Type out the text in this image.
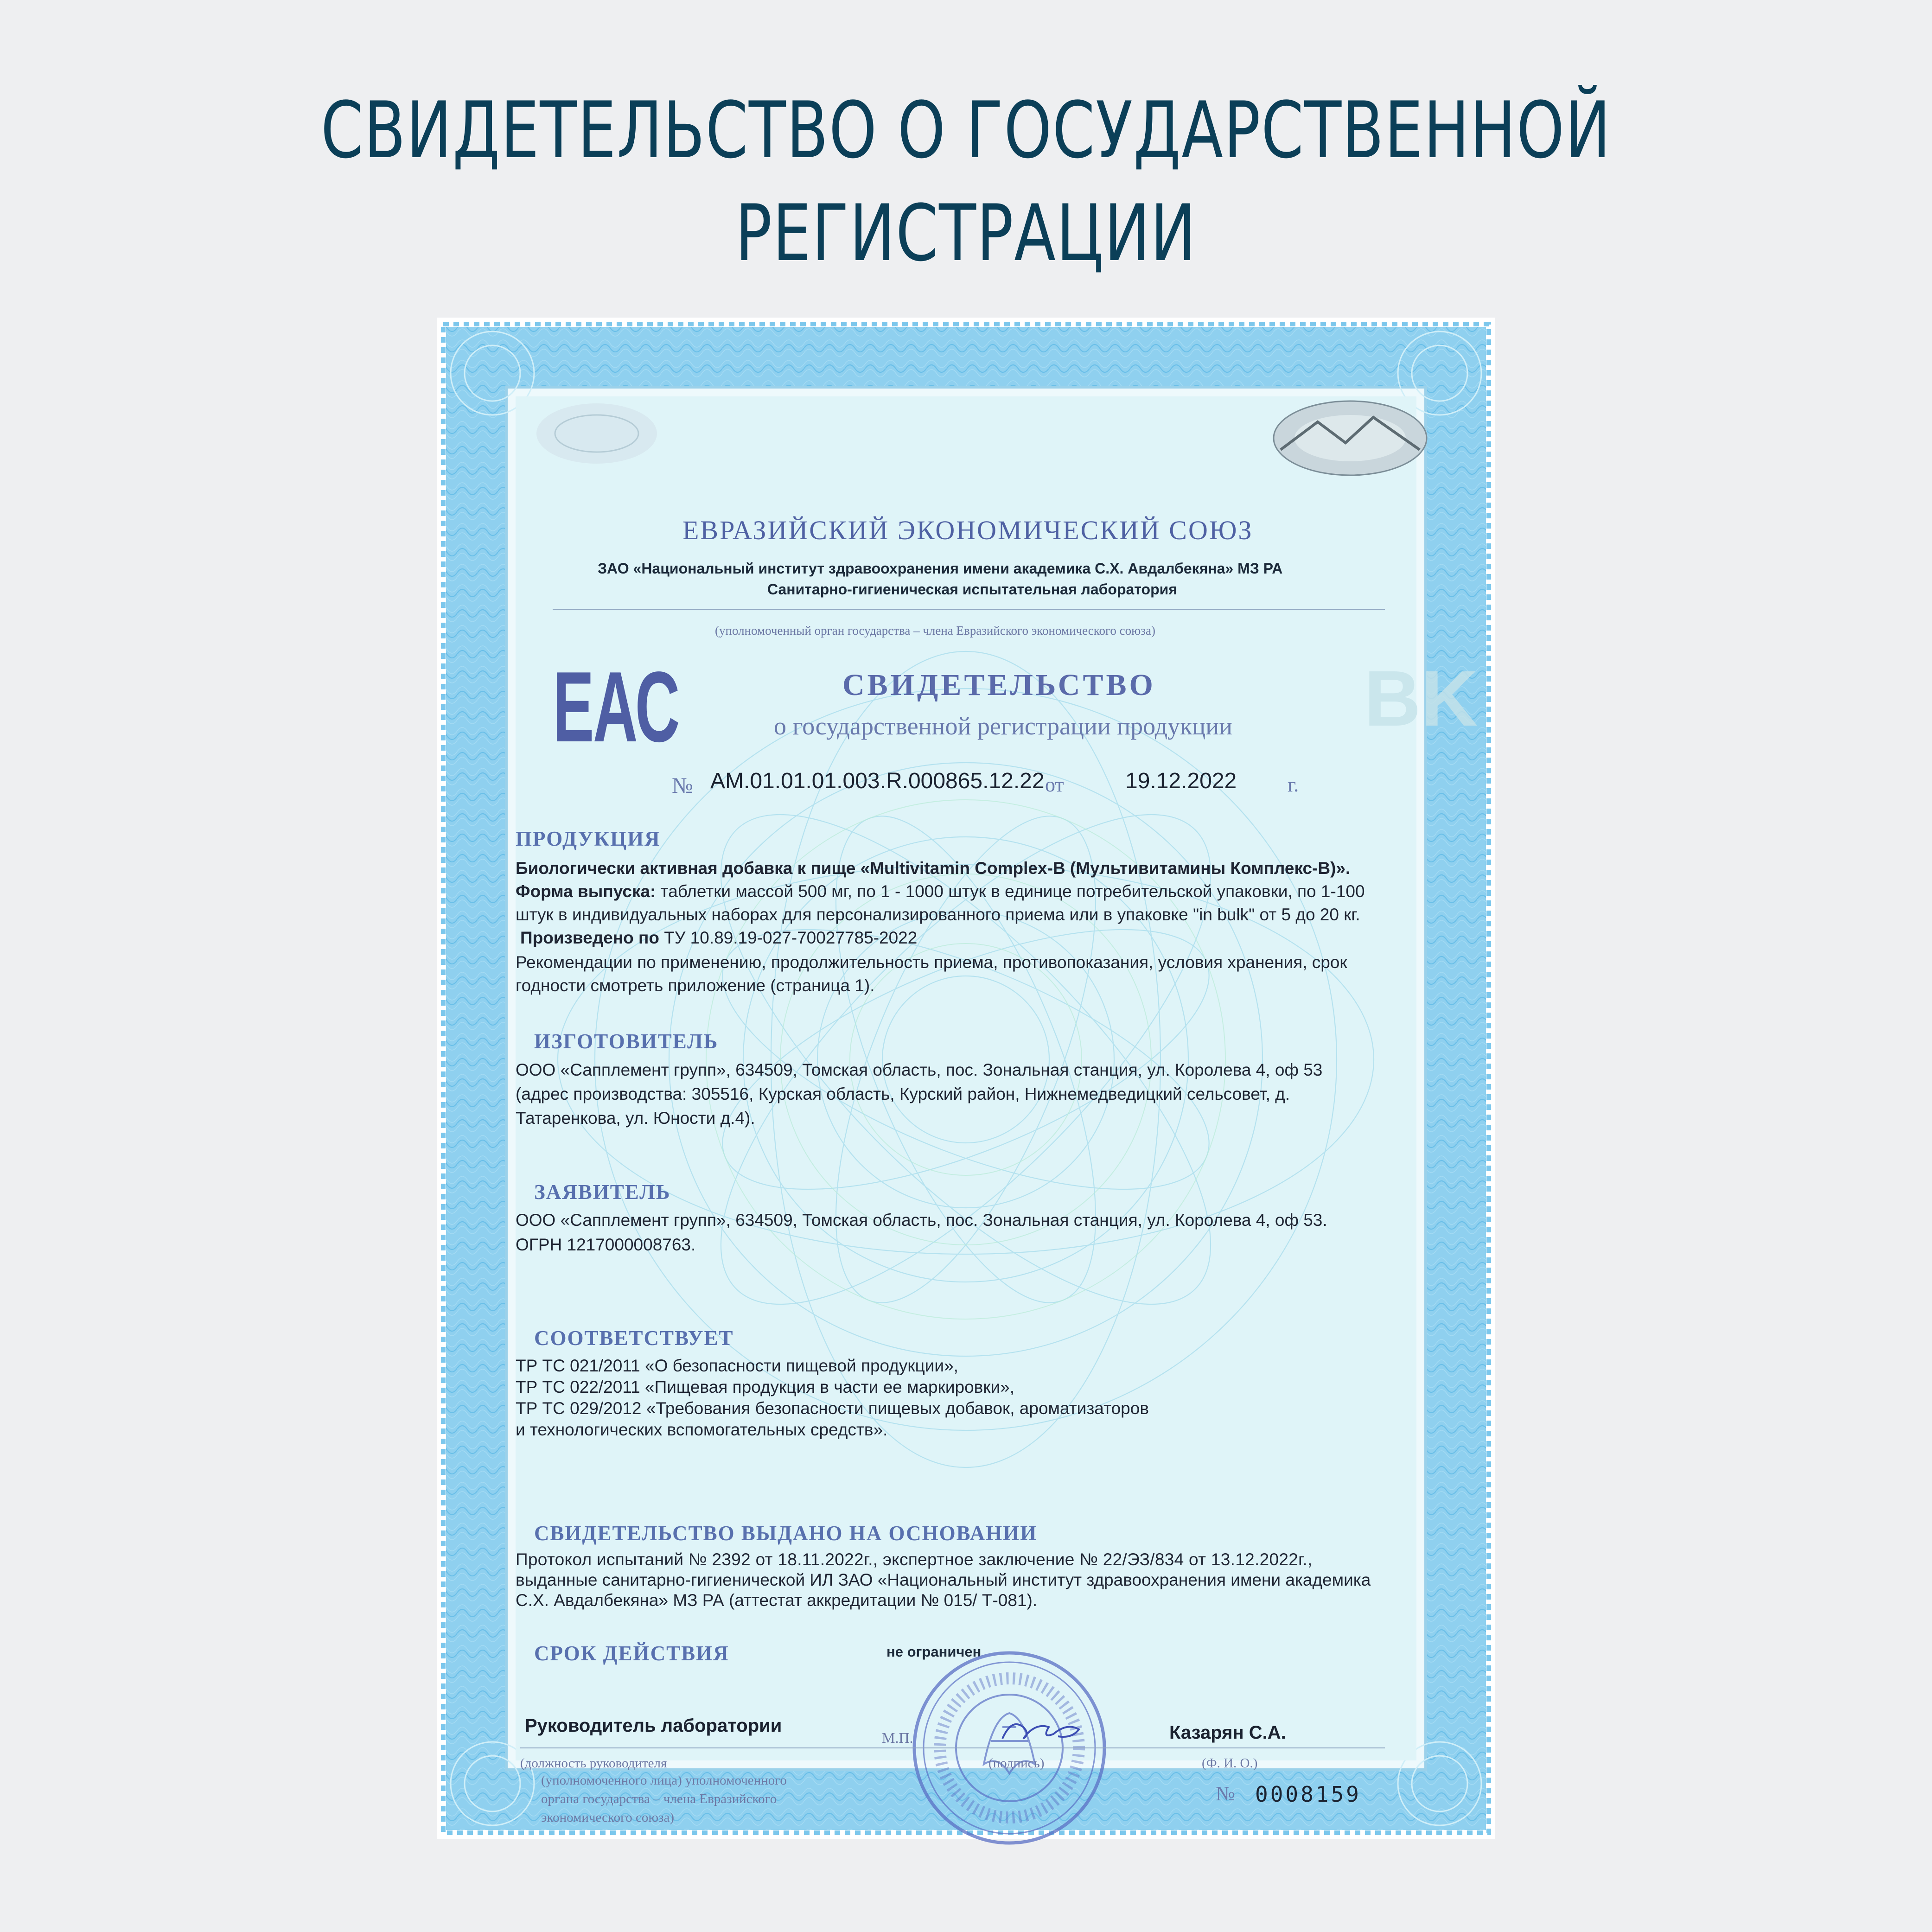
СВИДЕТЕЛЬСТВО О ГОСУДАРСТВЕННОЙ
РЕГИСТРАЦИИ
BK
ЕВРАЗИЙСКИЙ ЭКОНОМИЧЕСКИЙ СОЮЗ
ЗАО «Национальный институт здравоохранения имени академика С.Х. Авдалбекяна» МЗ РА
Санитарно-гигиеническая испытательная лаборатория
(уполномоченный орган государства – члена Евразийского экономического союза)
ЕАС	СВИДЕТЕЛЬСТВО
о государственной регистрации продукции
№ AM.01.01.01.003.R.000865.12.22 от	19.12.2022 г.
ПРОДУКЦИЯ
Биологически активная добавка к пище «Multivitamin Complex-B (Мультивитамины Комплекс-В)».
Форма выпуска: таблетки массой 500 мг, по 1 - 1000 штук в единице потребительской упаковки, по 1-100
штук в индивидуальных наборах для персонализированного приема или в упаковке "in bulk" от 5 до 20 кг.
Произведено по ТУ 10.89.19-027-70027785-2022
Рекомендации по применению, продолжительность приема, противопоказания, условия хранения, срок
годности смотреть приложение (страница 1).
ИЗГОТОВИТЕЛЬ
ООО «Сапплемент групп», 634509, Томская область, пос. Зональная станция, ул. Королева 4, оф 53
(адрес производства: 305516, Курская область, Курский район, Нижнемедведицкий сельсовет, д.
Татаренкова, ул. Юности д.4).
ЗАЯВИТЕЛЬ
ООО «Сапплемент групп», 634509, Томская область, пос. Зональная станция, ул. Королева 4, оф 53.
ОГРН 1217000008763.
СООТВЕТСТВУЕТ
ТР ТС 021/2011 «О безопасности пищевой продукции»,
ТР ТС 022/2011 «Пищевая продукция в части ее маркировки»,
ТР ТС 029/2012 «Требования безопасности пищевых добавок, ароматизаторов
и технологических вспомогательных средств».
СВИДЕТЕЛЬСТВО ВЫДАНО НА ОСНОВАНИИ
Протокол испытаний № 2392 от 18.11.2022г., экспертное заключение № 22/ЭЗ/834 от 13.12.2022г.,
выданные санитарно-гигиенической ИЛ ЗАО «Национальный институт здравоохранения имени академика
С.Х. Авдалбекяна» МЗ РА (аттестат аккредитации № 015/ Т-081).
СРОК ДЕЙСТВИЯ	не ограничен
Руководитель лаборатории
М.П.	Казарян С.А.
(должность руководителя	(подпись)	(Ф. И. О.)
(уполномоченного лица) уполномоченного
органа государства – члена Евразийского
экономического союза)
№ 0008159
